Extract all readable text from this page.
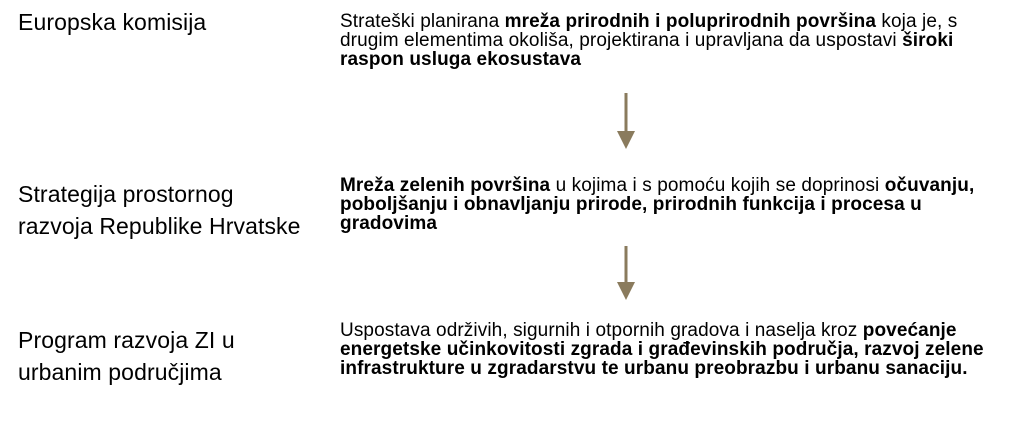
Europska komisija	Strateški planirana mreža prirodnih i poluprirodnih površina koja je, s drugim elementima okoliša, projektirana i upravljana da uspostavi široki raspon usluga ekosustava
Strategija prostornog razvoja Republike Hrvatske
Mreža zelenih površina u kojima i s pomoću kojih se doprinosi očuvanju, poboljšanju i obnavljanju prirode, prirodnih funkcija i procesa u gradovima
Program razvoja ZI u urbanim područjima
Uspostava održivih, sigurnih i otpornih gradova i naselja kroz povećanje energetske učinkovitosti zgrada i građevinskih područja, razvoj zelene infrastrukture u zgradarstvu te urbanu preobrazbu i urbanu sanaciju.
